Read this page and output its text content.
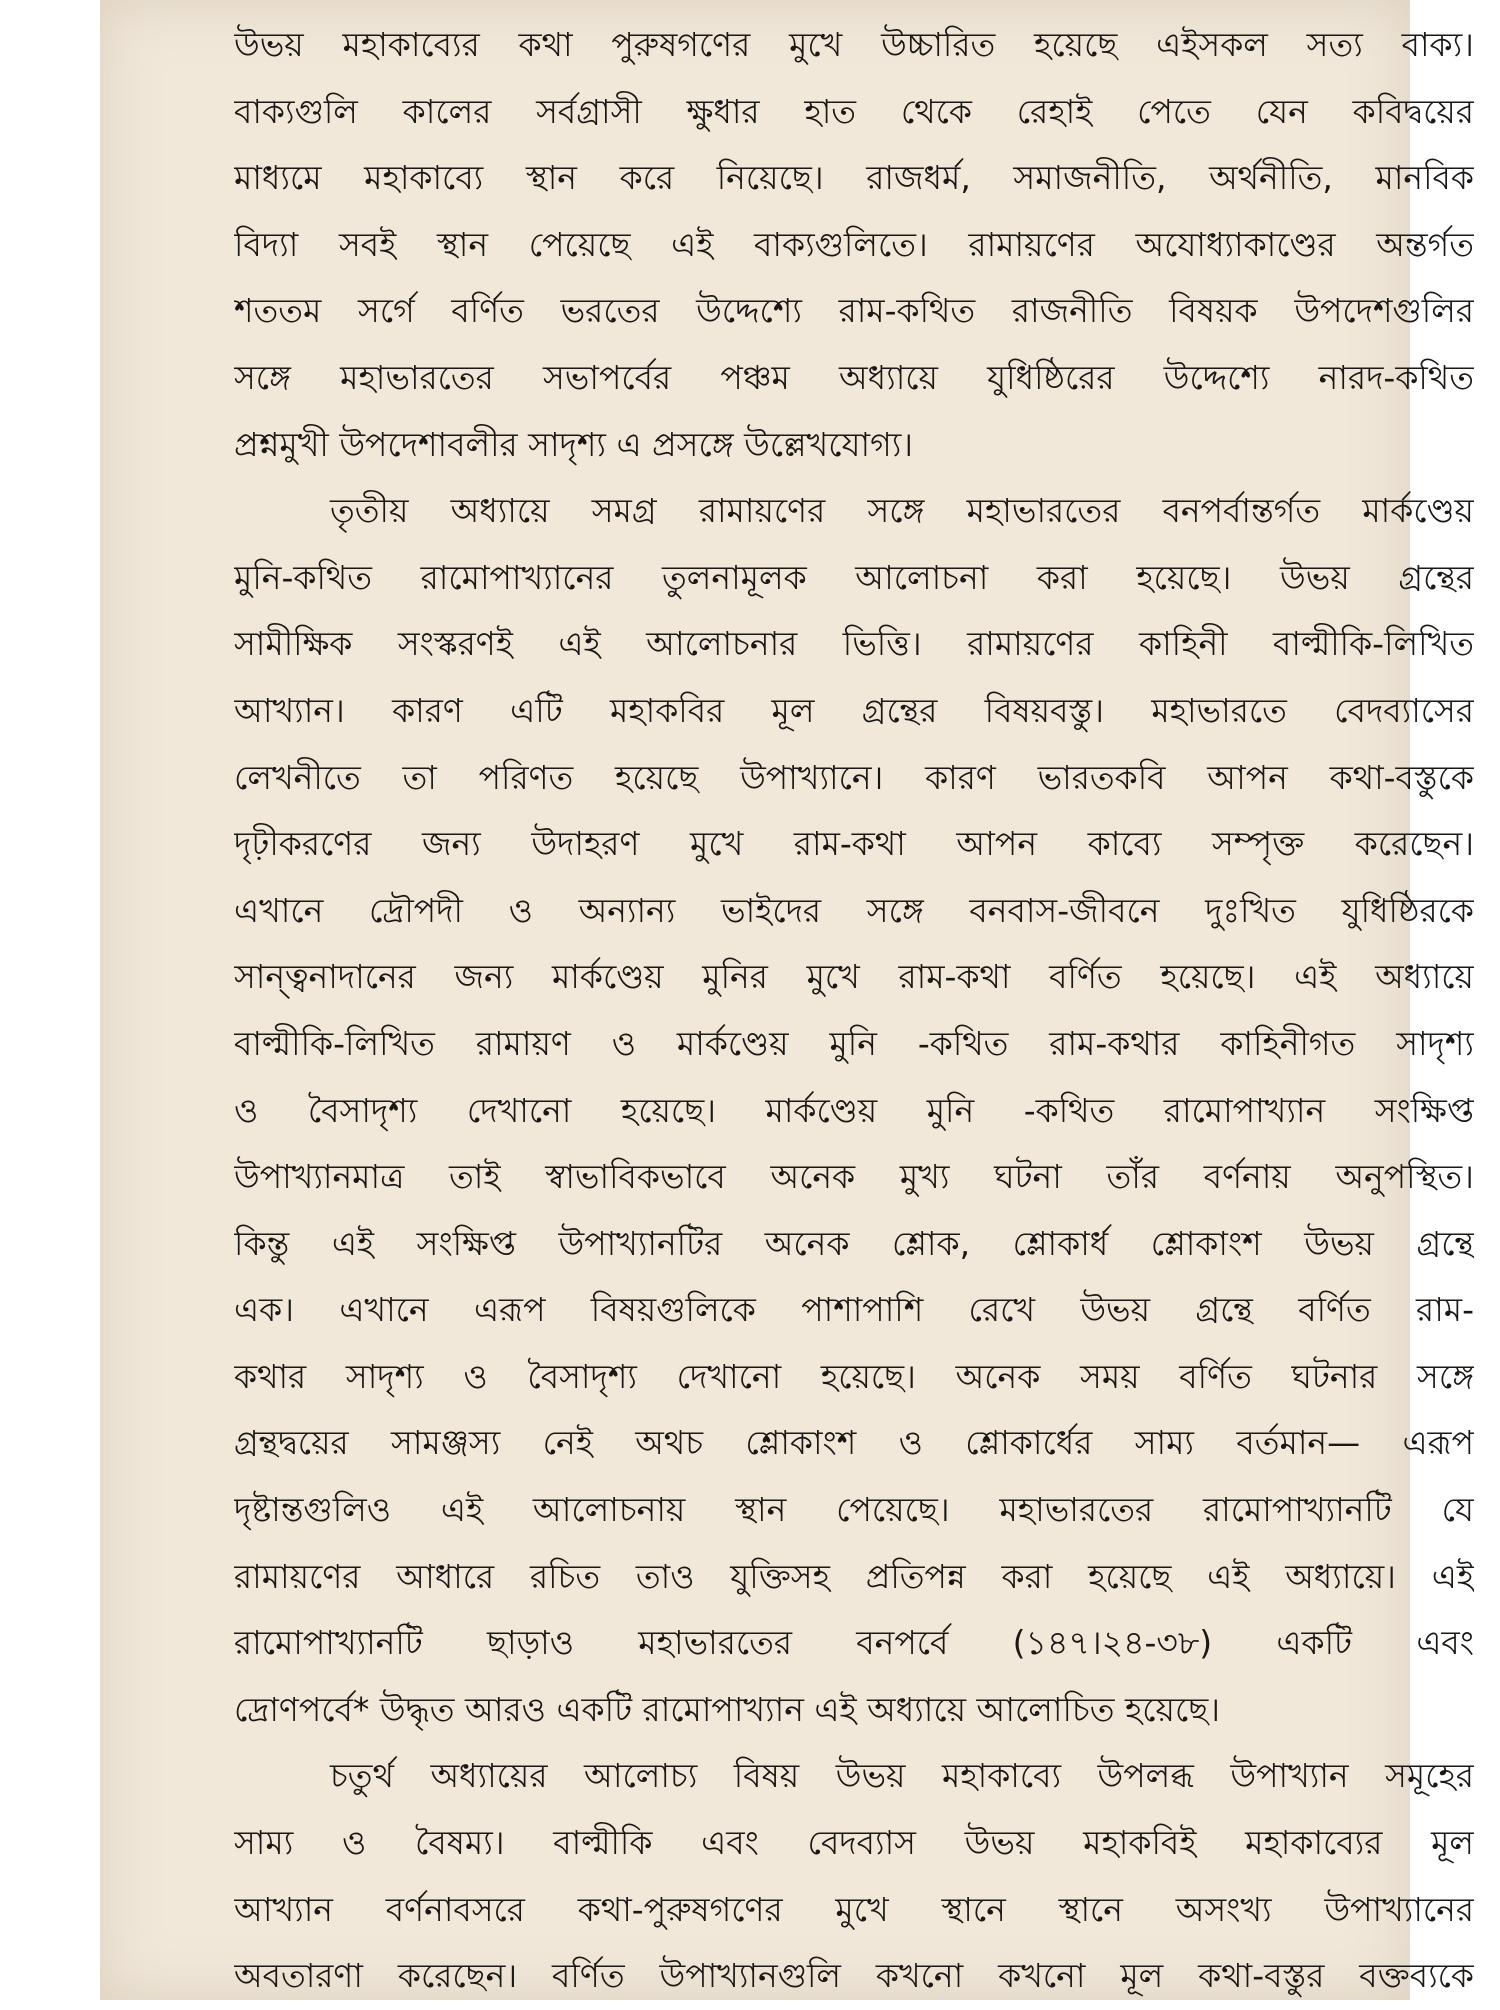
উভয় মহাকাব্যের কথা পুরুষগণের মুখে উচ্চারিত হয়েছে এইসকল সত্য বাক্য।
বাক্যগুলি কালের সর্বগ্রাসী ক্ষুধার হাত থেকে রেহাই পেতে যেন কবিদ্বয়ের
মাধ্যমে মহাকাব্যে স্থান করে নিয়েছে। রাজধর্ম, সমাজনীতি, অর্থনীতি, মানবিক
বিদ্যা সবই স্থান পেয়েছে এই বাক্যগুলিতে। রামায়ণের অযোধ্যাকাণ্ডের অন্তর্গত
শততম সর্গে বর্ণিত ভরতের উদ্দেশ্যে রাম-কথিত রাজনীতি বিষয়ক উপদেশগুলির
সঙ্গে মহাভারতের সভাপর্বের পঞ্চম অধ্যায়ে যুধিষ্ঠিরের উদ্দেশ্যে নারদ-কথিত
প্রশ্নমুখী উপদেশাবলীর সাদৃশ্য এ প্রসঙ্গে উল্লেখযোগ্য।
তৃতীয় অধ্যায়ে সমগ্র রামায়ণের সঙ্গে মহাভারতের বনপর্বান্তর্গত মার্কণ্ডেয়
মুনি-কথিত রামোপাখ্যানের তুলনামূলক আলোচনা করা হয়েছে। উভয় গ্রন্থের
সামীক্ষিক সংস্করণই এই আলোচনার ভিত্তি। রামায়ণের কাহিনী বাল্মীকি-লিখিত
আখ্যান। কারণ এটি মহাকবির মূল গ্রন্থের বিষয়বস্তু। মহাভারতে বেদব্যাসের
লেখনীতে তা পরিণত হয়েছে উপাখ্যানে। কারণ ভারতকবি আপন কথা-বস্তুকে
দৃঢ়ীকরণের জন্য উদাহরণ মুখে রাম-কথা আপন কাব্যে সম্পৃক্ত করেছেন।
এখানে দ্রৌপদী ও অন্যান্য ভাইদের সঙ্গে বনবাস-জীবনে দুঃখিত যুধিষ্ঠিরকে
সান্ত্বনাদানের জন্য মার্কণ্ডেয় মুনির মুখে রাম-কথা বর্ণিত হয়েছে। এই অধ্যায়ে
বাল্মীকি-লিখিত রামায়ণ ও মার্কণ্ডেয় মুনি -কথিত রাম-কথার কাহিনীগত সাদৃশ্য
ও বৈসাদৃশ্য দেখানো হয়েছে। মার্কণ্ডেয় মুনি -কথিত রামোপাখ্যান সংক্ষিপ্ত
উপাখ্যানমাত্র তাই স্বাভাবিকভাবে অনেক মুখ্য ঘটনা তাঁর বর্ণনায় অনুপস্থিত।
কিন্তু এই সংক্ষিপ্ত উপাখ্যানটির অনেক শ্লোক, শ্লোকার্ধ শ্লোকাংশ উভয় গ্রন্থে
এক। এখানে এরূপ বিষয়গুলিকে পাশাপাশি রেখে উভয় গ্রন্থে বর্ণিত রাম-
কথার সাদৃশ্য ও বৈসাদৃশ্য দেখানো হয়েছে। অনেক সময় বর্ণিত ঘটনার সঙ্গে
গ্রন্থদ্বয়ের সামঞ্জস্য নেই অথচ শ্লোকাংশ ও শ্লোকার্ধের সাম্য বর্তমান— এরূপ
দৃষ্টান্তগুলিও এই আলোচনায় স্থান পেয়েছে। মহাভারতের রামোপাখ্যানটি যে
রামায়ণের আধারে রচিত তাও যুক্তিসহ প্রতিপন্ন করা হয়েছে এই অধ্যায়ে। এই
রামোপাখ্যানটি ছাড়াও মহাভারতের বনপর্বে (১৪৭।২৪-৩৮) একটি এবং
দ্রোণপর্বে* উদ্ধৃত আরও একটি রামোপাখ্যান এই অধ্যায়ে আলোচিত হয়েছে।
চতুর্থ অধ্যায়ের আলোচ্য বিষয় উভয় মহাকাব্যে উপলব্ধ উপাখ্যান সমূহের
সাম্য ও বৈষম্য। বাল্মীকি এবং বেদব্যাস উভয় মহাকবিই মহাকাব্যের মূল
আখ্যান বর্ণনাবসরে কথা-পুরুষগণের মুখে স্থানে স্থানে অসংখ্য উপাখ্যানের
অবতারণা করেছেন। বর্ণিত উপাখ্যানগুলি কখনো কখনো মূল কথা-বস্তুর বক্তব্যকে
